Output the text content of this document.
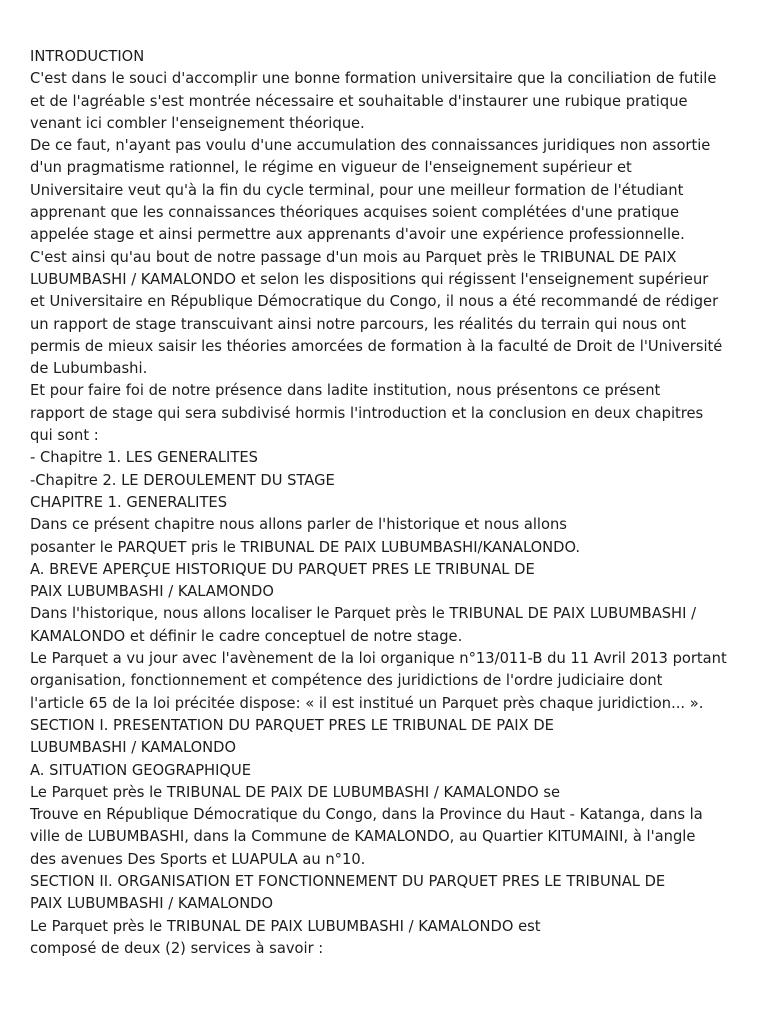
INTRODUCTION
C'est dans le souci d'accomplir une bonne formation universitaire que la conciliation de futile
et de l'agréable s'est montrée nécessaire et souhaitable d'instaurer une rubique pratique
venant ici combler l'enseignement théorique.
De ce faut, n'ayant pas voulu d'une accumulation des connaissances juridiques non assortie
d'un pragmatisme rationnel, le régime en vigueur de l'enseignement supérieur et
Universitaire veut qu'à la fin du cycle terminal, pour une meilleur formation de l'étudiant
apprenant que les connaissances théoriques acquises soient complétées d'une pratique
appelée stage et ainsi permettre aux apprenants d'avoir une expérience professionnelle.
C'est ainsi qu'au bout de notre passage d'un mois au Parquet près le TRIBUNAL DE PAIX
LUBUMBASHI / KAMALONDO et selon les dispositions qui régissent l'enseignement supérieur
et Universitaire en République Démocratique du Congo, il nous a été recommandé de rédiger
un rapport de stage transcuivant ainsi notre parcours, les réalités du terrain qui nous ont
permis de mieux saisir les théories amorcées de formation à la faculté de Droit de l'Université
de Lubumbashi.
Et pour faire foi de notre présence dans ladite institution, nous présentons ce présent
rapport de stage qui sera subdivisé hormis l'introduction et la conclusion en deux chapitres
qui sont :
- Chapitre 1. LES GENERALITES
-Chapitre 2. LE DEROULEMENT DU STAGE
CHAPITRE 1. GENERALITES
Dans ce présent chapitre nous allons parler de l'historique et nous allons
posanter le PARQUET pris le TRIBUNAL DE PAIX LUBUMBASHI/KANALONDO.
A. BREVE APERÇUE HISTORIQUE DU PARQUET PRES LE TRIBUNAL DE
PAIX LUBUMBASHI / KALAMONDO
Dans l'historique, nous allons localiser le Parquet près le TRIBUNAL DE PAIX LUBUMBASHI /
KAMALONDO et définir le cadre conceptuel de notre stage.
Le Parquet a vu jour avec l'avènement de la loi organique n°13/011-B du 11 Avril 2013 portant
organisation, fonctionnement et compétence des juridictions de l'ordre judiciaire dont
l'article 65 de la loi précitée dispose: « il est institué un Parquet près chaque juridiction... ».
SECTION I. PRESENTATION DU PARQUET PRES LE TRIBUNAL DE PAIX DE
LUBUMBASHI / KAMALONDO
A. SITUATION GEOGRAPHIQUE
Le Parquet près le TRIBUNAL DE PAIX DE LUBUMBASHI / KAMALONDO se
Trouve en République Démocratique du Congo, dans la Province du Haut - Katanga, dans la
ville de LUBUMBASHI, dans la Commune de KAMALONDO, au Quartier KITUMAINI, à l'angle
des avenues Des Sports et LUAPULA au n°10.
SECTION II. ORGANISATION ET FONCTIONNEMENT DU PARQUET PRES LE TRIBUNAL DE
PAIX LUBUMBASHI / KAMALONDO
Le Parquet près le TRIBUNAL DE PAIX LUBUMBASHI / KAMALONDO est
composé de deux (2) services à savoir :
